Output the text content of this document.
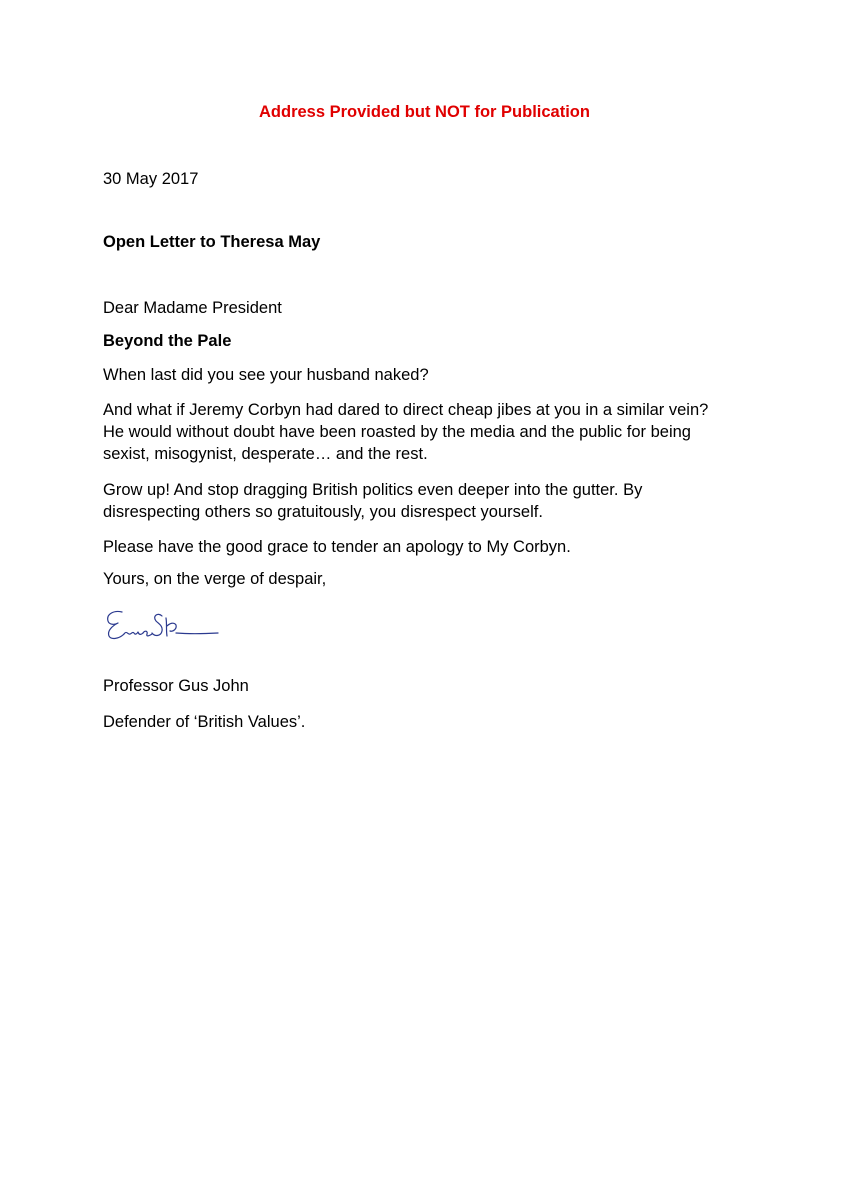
Address Provided but NOT for Publication
30 May 2017
Open Letter to Theresa May
Dear Madame President
Beyond the Pale
When last did you see your husband naked?
And what if Jeremy Corbyn had dared to direct cheap jibes at you in a similar vein?
He would without doubt have been roasted by the media and the public for being
sexist, misogynist, desperate… and the rest.
Grow up! And stop dragging British politics even deeper into the gutter. By
disrespecting others so gratuitously, you disrespect yourself.
Please have the good grace to tender an apology to My Corbyn.
Yours, on the verge of despair,
Professor Gus John
Defender of ‘British Values’.
